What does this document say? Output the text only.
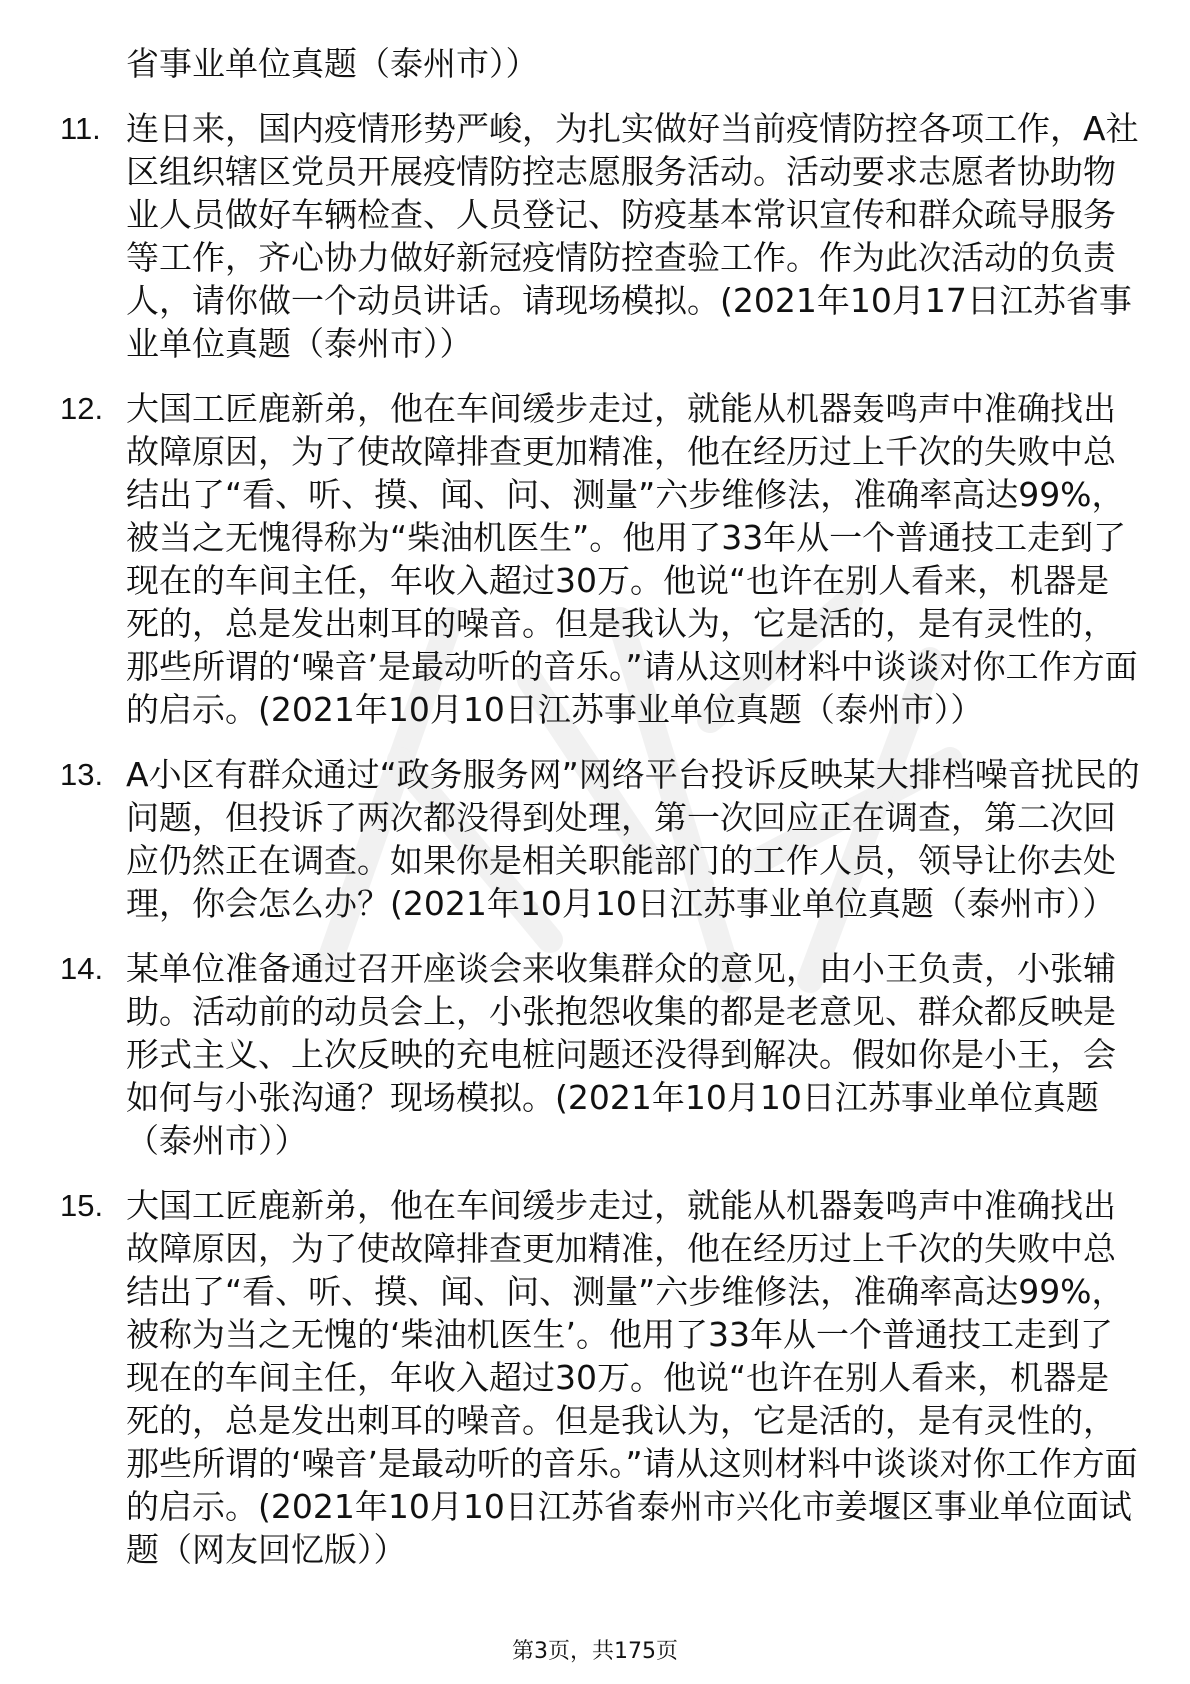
省事业单位真题（泰州市））
11. 连日来，国内疫情形势严峻，为扎实做好当前疫情防控各项工作，A社区组织辖区党员开展疫情防控志愿服务活动。活动要求志愿者协助物业人员做好车辆检查、人员登记、防疫基本常识宣传和群众疏导服务等工作，齐心协力做好新冠疫情防控查验工作。作为此次活动的负责人，请你做一个动员讲话。请现场模拟。(2021年10月17日江苏省事业单位真题（泰州市））
12. 大国工匠鹿新弟，他在车间缓步走过，就能从机器轰鸣声中准确找出故障原因，为了使故障排查更加精准，他在经历过上千次的失败中总结出了“看、听、摸、闻、问、测量”六步维修法，准确率高达99%，被当之无愧得称为“柴油机医生”。他用了33年从一个普通技工走到了现在的车间主任，年收入超过30万。他说“也许在别人看来，机器是死的，总是发出刺耳的噪音。但是我认为，它是活的，是有灵性的，那些所谓的‘噪音’是最动听的音乐。”请从这则材料中谈谈对你工作方面的启示。(2021年10月10日江苏事业单位真题（泰州市））
13. A小区有群众通过“政务服务网”网络平台投诉反映某大排档噪音扰民的问题，但投诉了两次都没得到处理，第一次回应正在调查，第二次回应仍然正在调查。如果你是相关职能部门的工作人员，领导让你去处理，你会怎么办？(2021年10月10日江苏事业单位真题（泰州市））
14. 某单位准备通过召开座谈会来收集群众的意见，由小王负责，小张辅助。活动前的动员会上，小张抱怨收集的都是老意见、群众都反映是形式主义、上次反映的充电桩问题还没得到解决。假如你是小王，会如何与小张沟通？现场模拟。(2021年10月10日江苏事业单位真题（泰州市））
15. 大国工匠鹿新弟，他在车间缓步走过，就能从机器轰鸣声中准确找出故障原因，为了使故障排查更加精准，他在经历过上千次的失败中总结出了“看、听、摸、闻、问、测量”六步维修法，准确率高达99%，被称为当之无愧的‘柴油机医生’。他用了33年从一个普通技工走到了现在的车间主任，年收入超过30万。他说“也许在别人看来，机器是死的，总是发出刺耳的噪音。但是我认为，它是活的，是有灵性的，那些所谓的‘噪音’是最动听的音乐。”请从这则材料中谈谈对你工作方面的启示。(2021年10月10日江苏省泰州市兴化市姜堰区事业单位面试题（网友回忆版））
第3页，共175页
